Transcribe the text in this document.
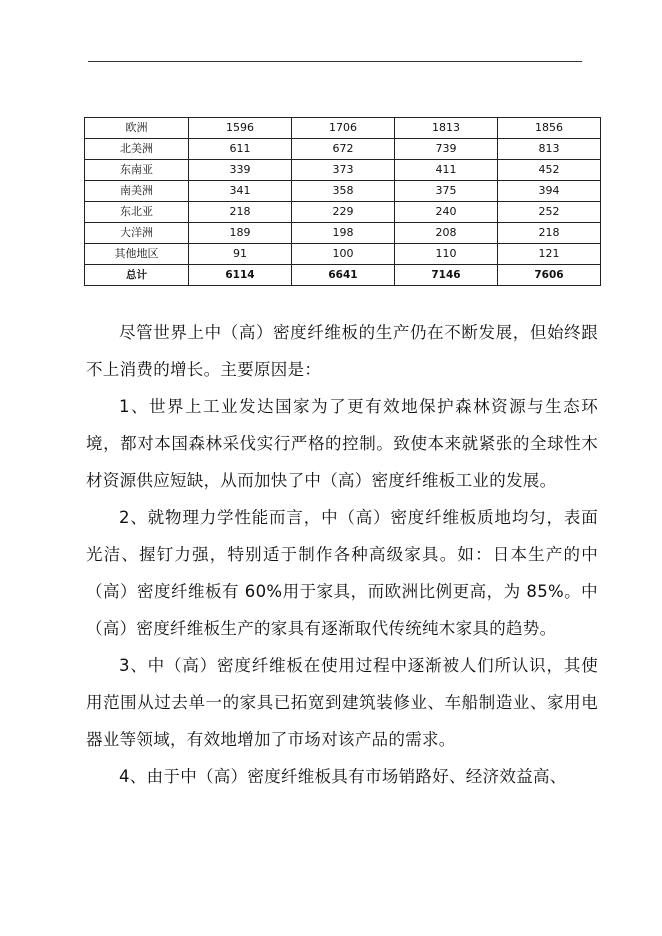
欧洲	1596	1706	1813	1856
北美洲	611	672	739	813
东南亚	339	373	411	452
南美洲	341	358	375	394
东北亚	218	229	240	252
大洋洲	189	198	208	218
其他地区	91	100	110	121
总计	6114	6641	7146	7606

尽管世界上中（高）密度纤维板的生产仍在不断发展，但始终跟不上消费的增长。主要原因是：

1、世界上工业发达国家为了更有效地保护森林资源与生态环境，都对本国森林采伐实行严格的控制。致使本来就紧张的全球性木材资源供应短缺，从而加快了中（高）密度纤维板工业的发展。

2、就物理力学性能而言，中（高）密度纤维板质地均匀，表面光洁、握钉力强，特别适于制作各种高级家具。如：日本生产的中（高）密度纤维板有 60%用于家具，而欧洲比例更高，为 85%。中（高）密度纤维板生产的家具有逐渐取代传统纯木家具的趋势。

3、中（高）密度纤维板在使用过程中逐渐被人们所认识，其使用范围从过去单一的家具已拓宽到建筑装修业、车船制造业、家用电器业等领域，有效地增加了市场对该产品的需求。

4、由于中（高）密度纤维板具有市场销路好、经济效益高、
